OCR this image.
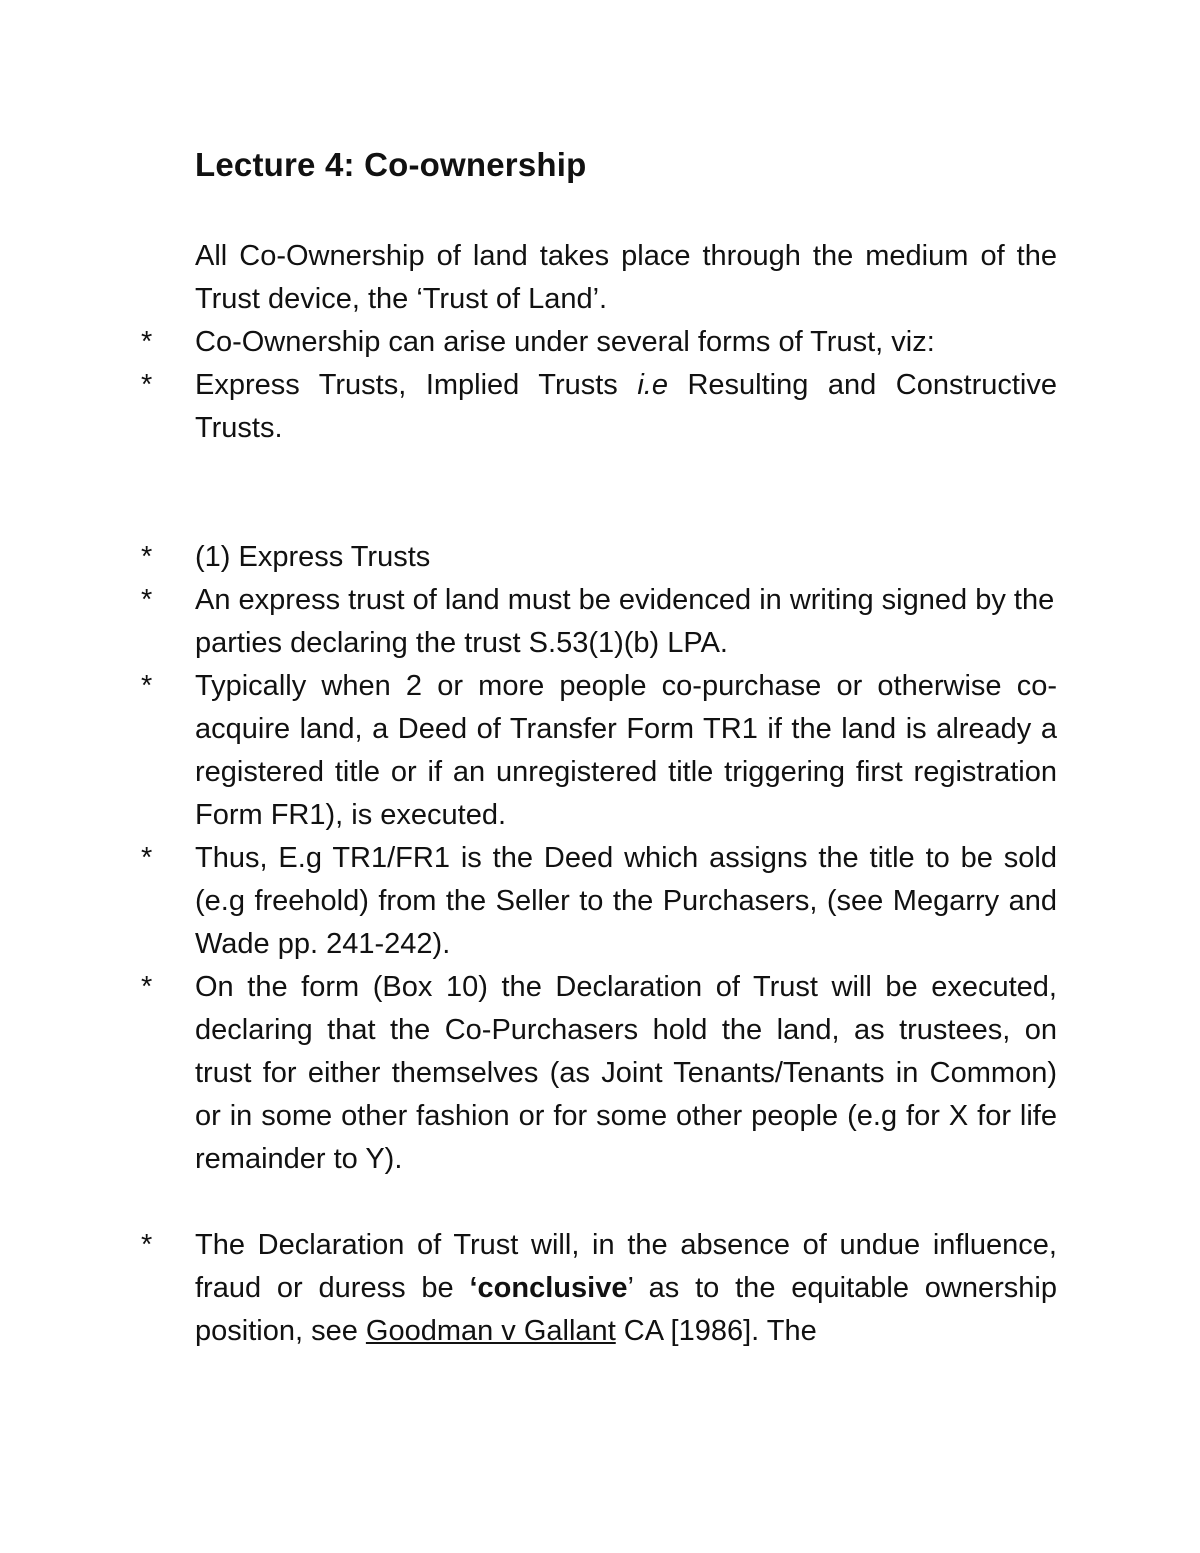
Lecture 4: Co-ownership
All Co-Ownership of land takes place through the medium of the Trust device, the ‘Trust of Land’.
*	Co-Ownership can arise under several forms of Trust, viz:
*	Express Trusts, Implied Trusts i.e Resulting and Constructive Trusts.
*	(1) Express Trusts
*	An express trust of land must be evidenced in writing signed by the parties declaring the trust S.53(1)(b) LPA.
*	Typically when 2 or more people co-purchase or otherwise co-acquire land, a Deed of Transfer Form TR1 if the land is already a registered title or if an unregistered title triggering first registration Form FR1), is executed.
*	Thus, E.g TR1/FR1 is the Deed which assigns the title to be sold (e.g freehold) from the Seller to the Purchasers, (see Megarry and Wade pp. 241-242).
*	On the form (Box 10) the Declaration of Trust will be executed, declaring that the Co-Purchasers hold the land, as trustees, on trust for either themselves (as Joint Tenants/Tenants in Common) or in some other fashion or for some other people (e.g for X for life remainder to Y).
*	The Declaration of Trust will, in the absence of undue influence, fraud or duress be ‘conclusive’ as to the equitable ownership position, see Goodman v Gallant CA [1986]. The
